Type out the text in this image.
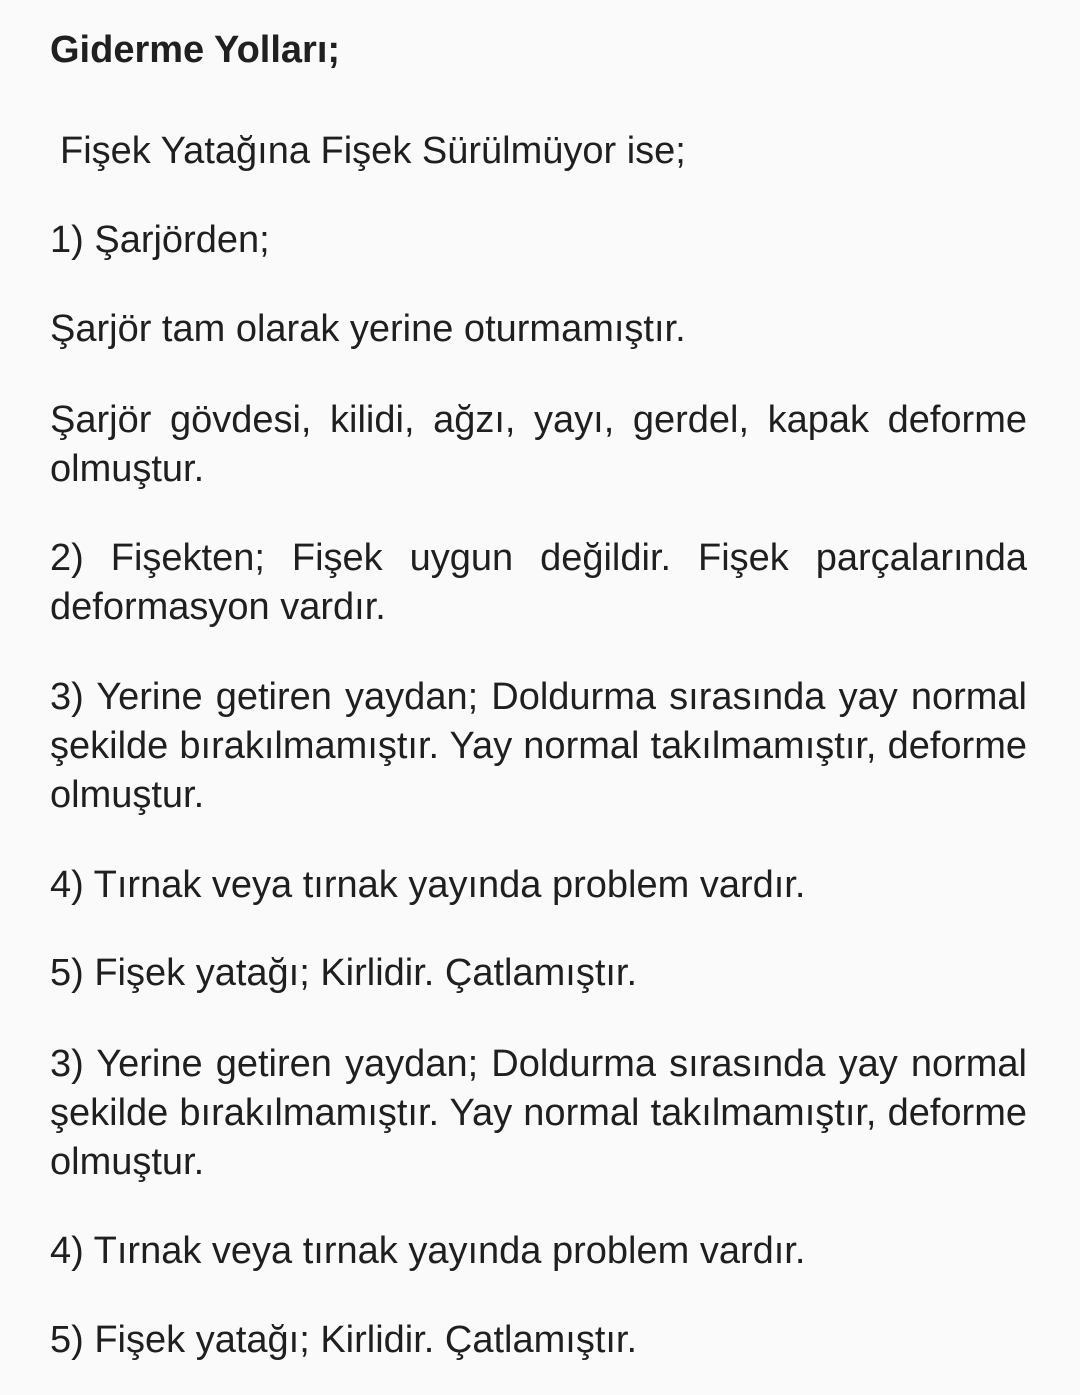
Giderme Yolları;

Fişek Yatağına Fişek Sürülmüyor ise;

1) Şarjörden;

Şarjör tam olarak yerine oturmamıştır.

Şarjör gövdesi, kilidi, ağzı, yayı, gerdel, kapak deforme olmuştur.

2) Fişekten; Fişek uygun değildir. Fişek parçalarında deformasyon vardır.

3) Yerine getiren yaydan; Doldurma sırasında yay normal şekilde bırakılmamıştır. Yay normal takılmamıştır, deforme olmuştur.

4) Tırnak veya tırnak yayında problem vardır.

5) Fişek yatağı; Kirlidir. Çatlamıştır.

3) Yerine getiren yaydan; Doldurma sırasında yay normal şekilde bırakılmamıştır. Yay normal takılmamıştır, deforme olmuştur.

4) Tırnak veya tırnak yayında problem vardır.

5) Fişek yatağı; Kirlidir. Çatlamıştır.
